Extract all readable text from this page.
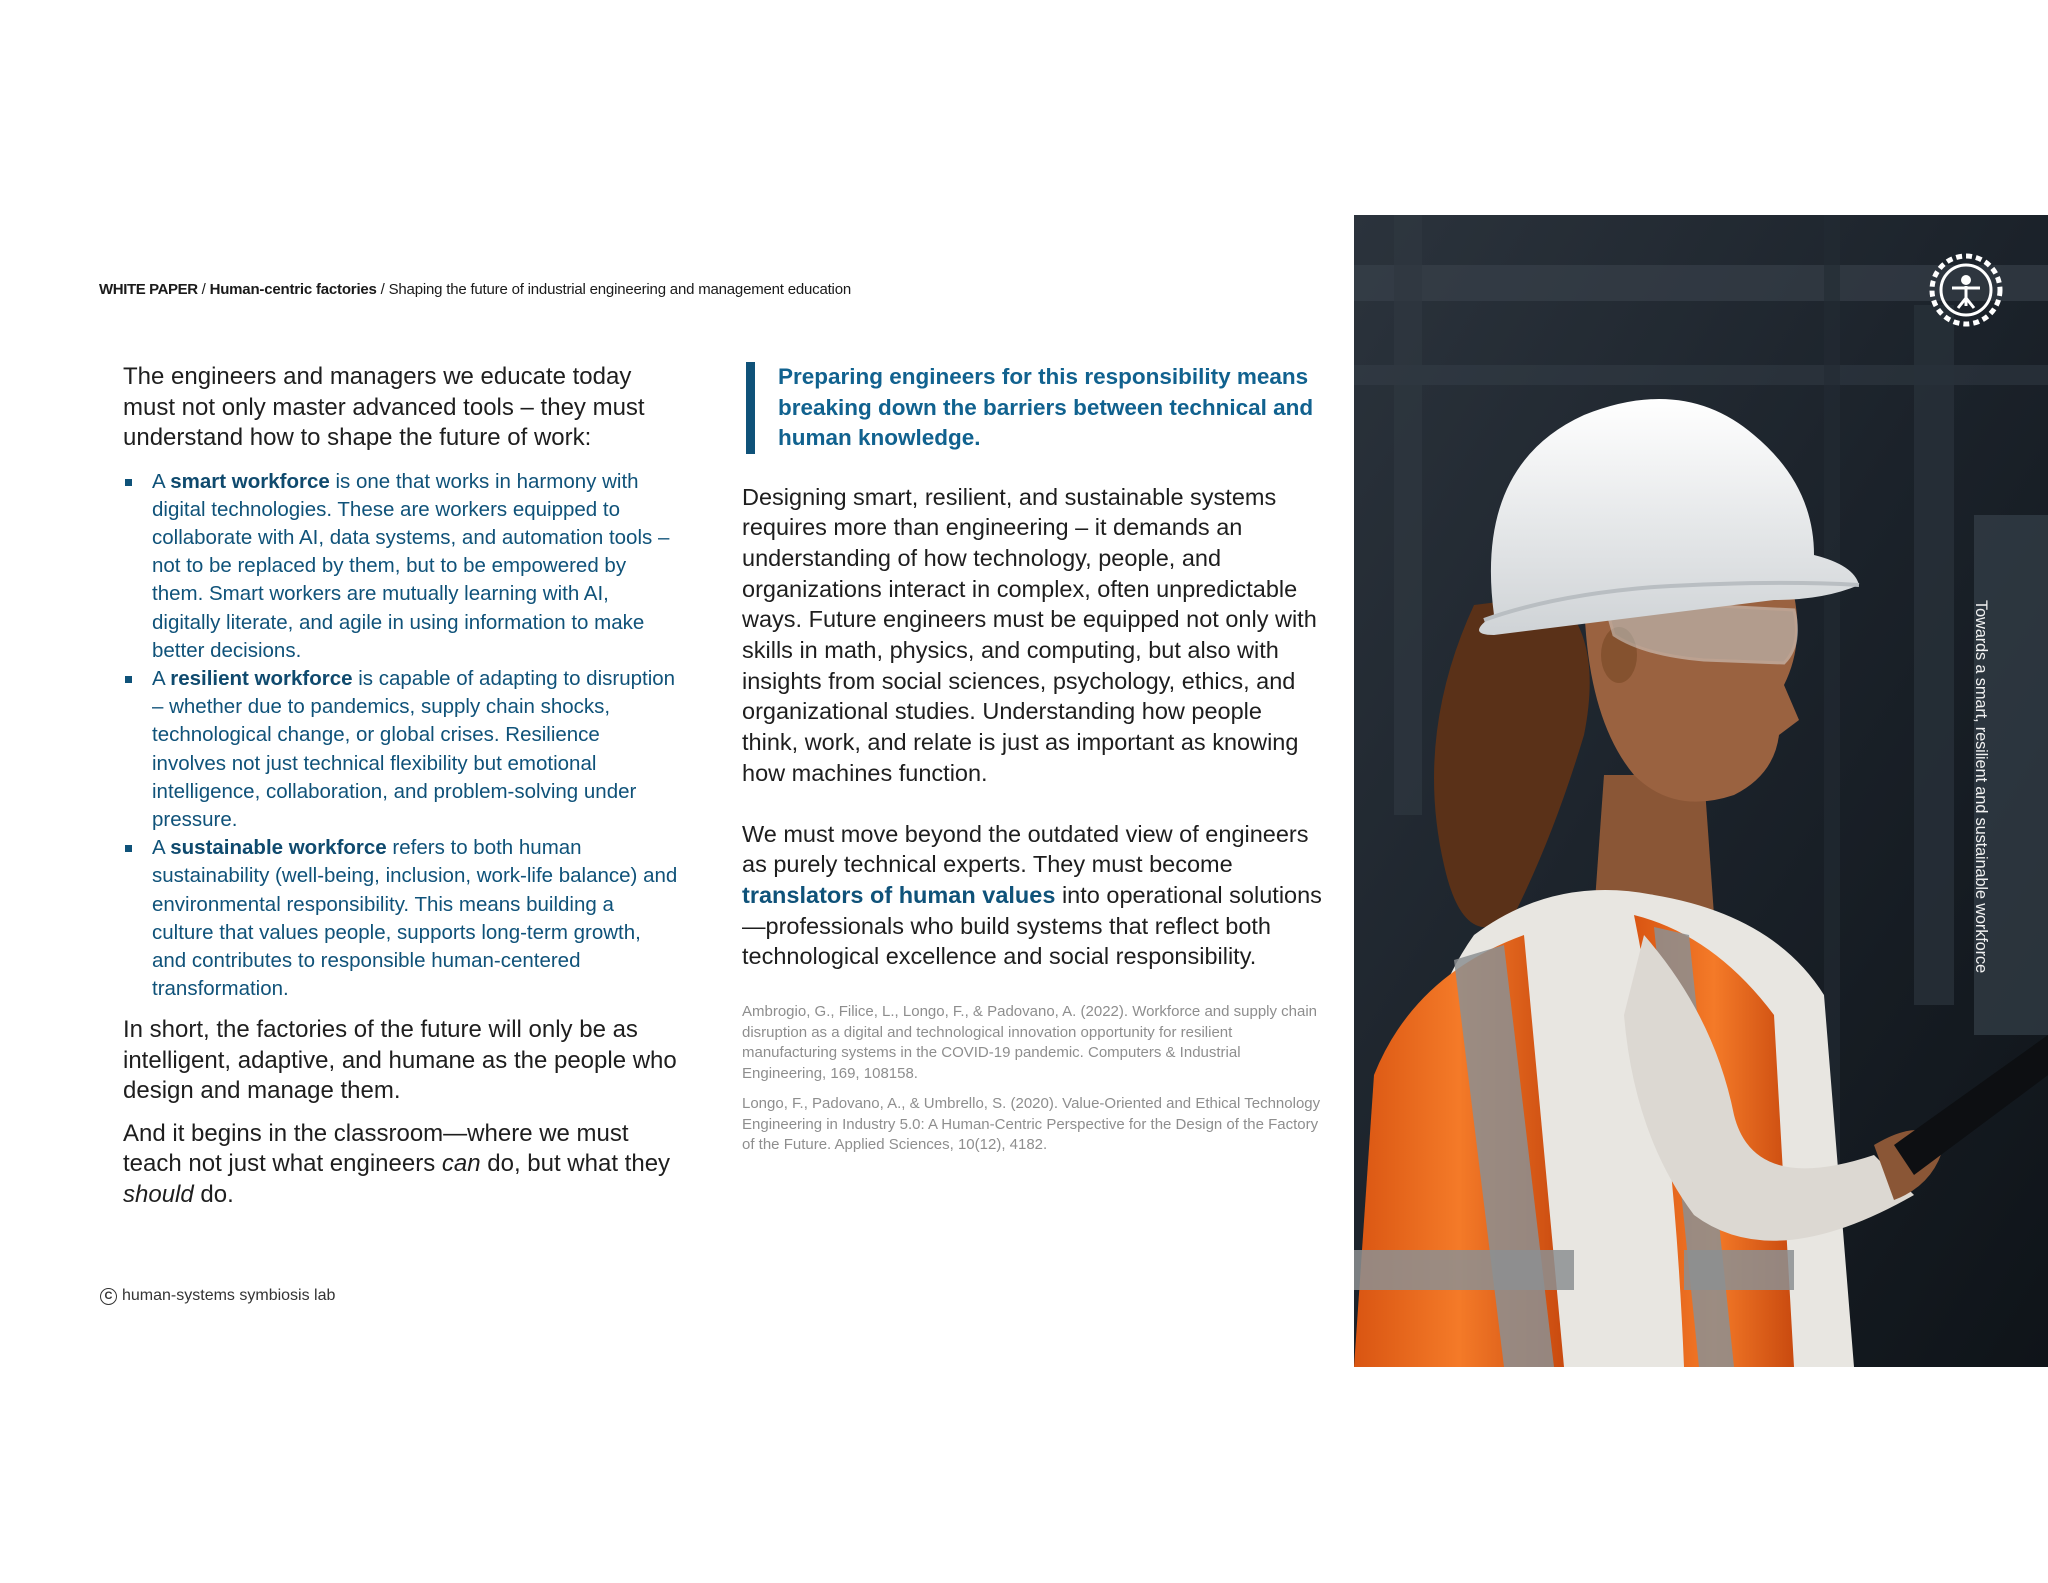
WHITE PAPER / Human-centric factories / Shaping the future of industrial engineering and management education

The engineers and managers we educate today must not only master advanced tools – they must understand how to shape the future of work:

A smart workforce is one that works in harmony with digital technologies. These are workers equipped to collaborate with AI, data systems, and automation tools –not to be replaced by them, but to be empowered by them. Smart workers are mutually learning with AI, digitally literate, and agile in using information to make better decisions.
A resilient workforce is capable of adapting to disruption – whether due to pandemics, supply chain shocks, technological change, or global crises. Resilience involves not just technical flexibility but emotional intelligence, collaboration, and problem-solving under pressure.
A sustainable workforce refers to both human sustainability (well-being, inclusion, work-life balance) and environmental responsibility. This means building a culture that values people, supports long-term growth, and contributes to responsible human-centered transformation.

In short, the factories of the future will only be as intelligent, adaptive, and humane as the people who design and manage them.

And it begins in the classroom—where we must teach not just what engineers can do, but what they should do.

Preparing engineers for this responsibility means breaking down the barriers between technical and human knowledge.

Designing smart, resilient, and sustainable systems requires more than engineering – it demands an understanding of how technology, people, and organizations interact in complex, often unpredictable ways. Future engineers must be equipped not only with skills in math, physics, and computing, but also with insights from social sciences, psychology, ethics, and organizational studies. Understanding how people think, work, and relate is just as important as knowing how machines function.

We must move beyond the outdated view of engineers as purely technical experts. They must become translators of human values into operational solutions—professionals who build systems that reflect both technological excellence and social responsibility.

Ambrogio, G., Filice, L., Longo, F., & Padovano, A. (2022). Workforce and supply chain disruption as a digital and technological innovation opportunity for resilient manufacturing systems in the COVID-19 pandemic. Computers & Industrial Engineering, 169, 108158.

Longo, F., Padovano, A., & Umbrello, S. (2020). Value-Oriented and Ethical Technology Engineering in Industry 5.0: A Human-Centric Perspective for the Design of the Factory of the Future. Applied Sciences, 10(12), 4182.

C human-systems symbiosis lab
Towards a smart, resilient and sustainable workforce
